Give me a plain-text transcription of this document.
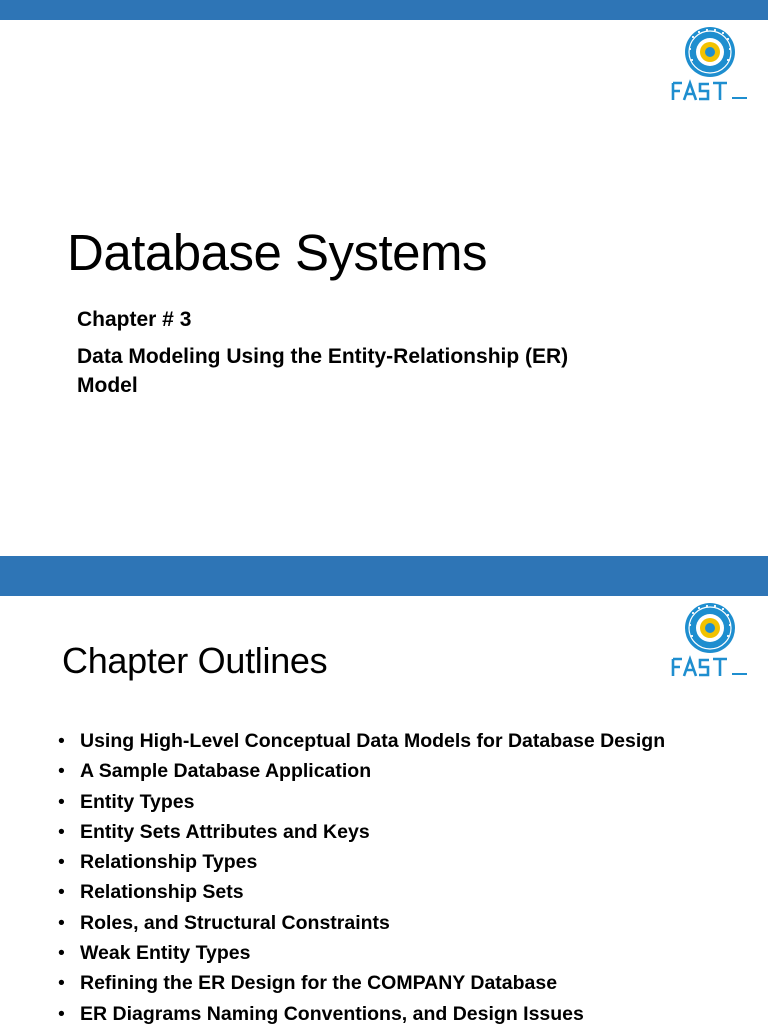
Database Systems
Chapter # 3
Data Modeling Using the Entity-Relationship (ER)
Model
Chapter Outlines
• Using High-Level Conceptual Data Models for Database Design
• A Sample Database Application
• Entity Types
• Entity Sets Attributes and Keys
• Relationship Types
• Relationship Sets
• Roles, and Structural Constraints
• Weak Entity Types
• Refining the ER Design for the COMPANY Database
• ER Diagrams Naming Conventions, and Design Issues
